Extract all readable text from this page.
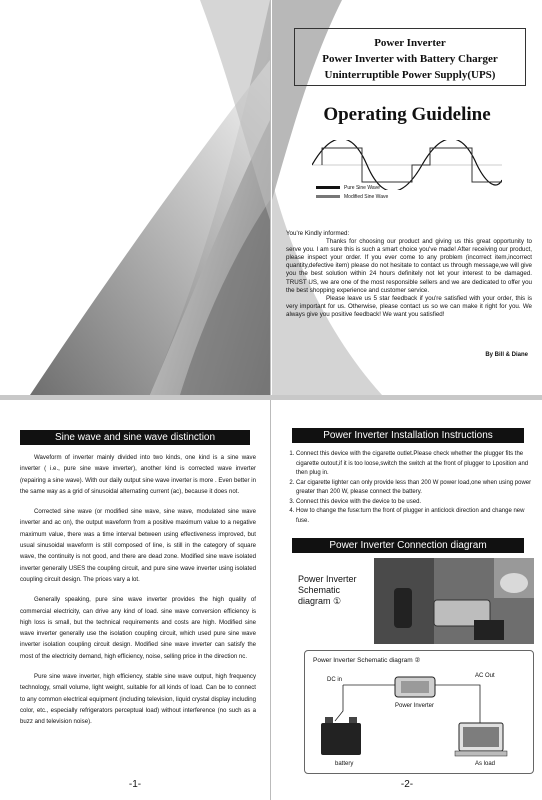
Power Inverter
Power Inverter with Battery Charger
Uninterruptible Power Supply(UPS)
Operating Guideline
Pure Sine Wave
Modified Sine Wave

You're Kindly informed:

Thanks for choosing our product and giving us this great opportunity to serve you. I am sure this is such a smart choice you've made! After receiving our product, please inspect your order. If you ever come to any problem (incorrect item,incorrect quantity,defective item) please do not hesitate to contact us through message,we will give you the best solution within 24 hours definitely not let your interest to be damaged. TRUST US, we are one of the most responsible sellers and we are dedicated to offer you the best shopping experience and customer service.

Please leave us 5 star feedback if you're satisfied with your order, this is very important for us. Otherwise, please contact us so we can make it right for you. We always give you positive feedback! We want you satisfied!

By Bill & Diane
Sine wave and sine wave distinction

Waveform of inverter mainly divided into two kinds, one kind is a sine wave inverter ( i.e., pure sine wave inverter), another kind is corrected wave inverter (repairing a sine wave). With our daily output sine wave inverter is more . Even better in the same way as a grid of sinusoidal alternating current (ac), because it does not.

Corrected sine wave (or modified sine wave, sine wave, modulated sine wave inverter and ac on), the output waveform from a positive maximum value to a negative maximum value, there was a time interval between using effectiveness improved, but usual sinusoidal waveform is still composed of line, is still in the category of square wave, the continuity is not good, and there are dead zone. Modified sine wave isolated inverter generally USES the coupling circuit, and pure sine wave inverter using isolated coupling circuit design. The prices vary a lot.

Generally speaking, pure sine wave inverter provides the high quality of commercial electricity, can drive any kind of load. sine wave conversion efficiency is high loss is small, but the technical requirements and costs are high. Modified sine wave inverter generally use the isolation coupling circuit, which used pure sine wave inverter isolation coupling circuit design. Modified sine wave inverter can satisfy the most of the electricity demand, high efficiency, noise, selling price in the direction nc.

Pure sine wave inverter, high efficiency, stable sine wave output, high frequency technology, small volume, light weight, suitable for all kinds of load. Can be to connect to any common electrical equipment (including television, liquid crystal display including color, etc., especially refrigerators perceptual load) without interference (no such as a buzz and television noise).

-1-
Power Inverter Installation Instructions
1. Connect this device with the cigarette outlet.Please check whether the plugger fits the cigarette outout,if it is too loose,switch the switch at the front of plugger to Lposition and then plug in.
2. Car cigarette lighter can only provide less than 200 W power load,one when using power greater than 200 W, please connect the battery.
3. Connect this device with the device to be used.
4. How to change the fuse:turn the front of plugger in anticlock direction and change new fuse.
Power Inverter Connection diagram
Power Inverter
Schematic
diagram ①
Power Inverter Schematic diagram ②
DC in
AC Out
Power Inverter
battery	As load
-2-
